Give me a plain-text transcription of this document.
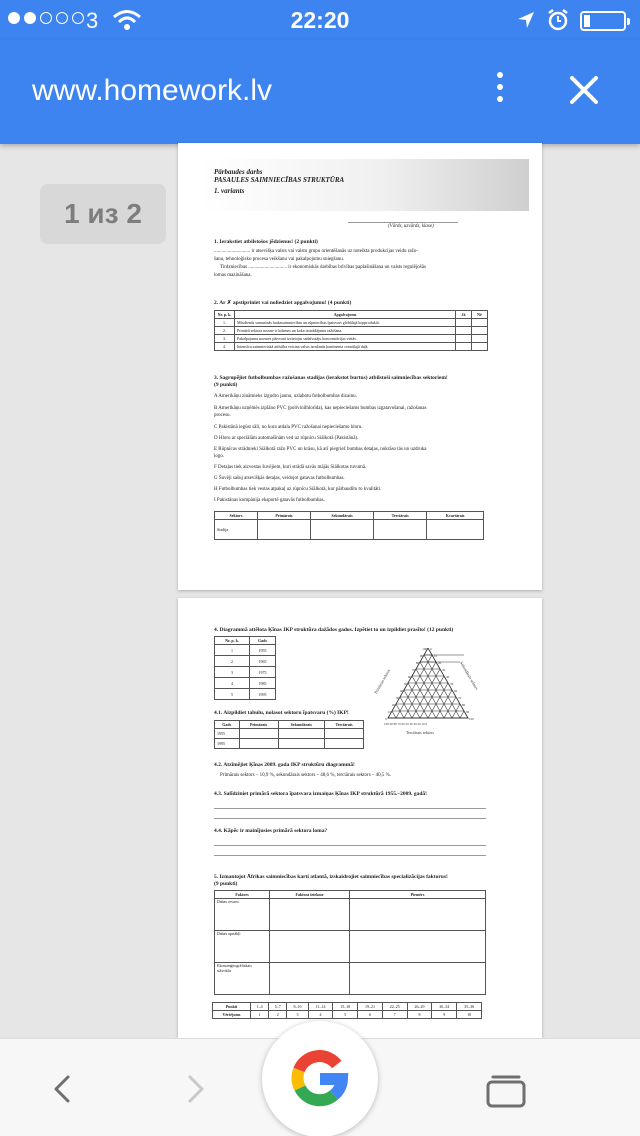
3	22:20
www.homework.lv
1 из 2
Pārbaudes darbs
PASAULES SAIMNIECĪBAS STRUKTŪRA
1. variants
(Vārds, uzvārds, klase)
1. Ierakstiet atbilstošos jēdzienus! (2 punkti)
............................. ir atsevišķa valsts vai valstu grupu orientēšanās uz noteikta produkcijas veidu ražo-
šanu, tehnoloģisko procesa veikšanu vai pakalpojumu sniegšanu.
Tirdzniecības ............................... ir ekonomiskās darbības brīvības paplašināšana un valsts regulējošās
lomas mazināšana.
2. Ar ✗ apstipriniet vai noliedziet apgalvojumu! (4 punkti)
Nr. p. k.	Apgalvojums	Jā	Nē
1.	Mūsdienās samazinās laukasaimniecības un rūpniecības īpatsvars globālajā kopproduktā.		
2.	Primārā sektora nozare ir kokmes un koka izstrādājumu ražošana.		
3.	Pakalpojumu nozares pārsvarā izvietojas sadzīvotāju koncentrācijas vietās.		
4.	Intensīva saimnieciskā attīstība veicina valsts izrašanās kontinenta centrālajā daļā.		
3. Sagrupējiet futbolbumbas ražošanas stadijas (ierakstot burtus) atbilstoši saimniecības sektoriem!
(9 punkti)
A Amerikāņu zinātnieks izgudro jaunu, uzlabotu futbolbumbas dizainu.
B Amerikāņu uzņēmēs izplāno PVC (polivinilhlorīda), kas nepieciešams bumbas izgatavošanai, ražošanas
procesu.
C Pakistānā iegūst sāli, no kura atdala PVC ražošanai nepieciešamo hloru.
D Hloru ar speciālām automašīnām ved uz rūpnīcu Siālkotā (Pakistānā).
E Rūpnīcas strādnieki Siālkotā ražo PVC un krāsu, kā arī piegriež bumbas detaļas, nokrāso tās un uzdruka
logo.
F Detaļas tiek aizvestas šuvējiem, kuri strādā savās mājās Siālkotas tuvumā.
G Šuvēji sašuj atsevišķās detaļas, veidojot gatavas futbolbumbas.
H Futbolbumbas tiek vestas atpakaļ uz rūpnīcu Siālkotā, kur pārbaudītu to kvalitāti.
I Pakistānas kompānija eksportē gatavās futbolbumbas.
Sektors	Primārais	Sekundārais	Terciārais	Kvartārais
Stadija				
4. Diagrammā attēlota Ķīnas IKP struktūra dažādos gados. Izpētiet to un izpildiet prasīto! (12 punkti)
Nr. p. k.	Gads
1	1955
2	1965
3	1975
4	1985
5	1995	Primārais sektors	Sekundārais sektors
Terciārais sektors
100 90 80 70 60 50 40 30 20 10 0
100
90
80
70
60
50
40
30
20
10
0
0
10
20
30
40
50
60
70
80
90
100
4.1. Aizpildiet tabulu, nolasot sektoru īpatsvaru (%) IKP!
Gads	Primārais	Sekundārais	Terciārais
1955			
1995			
4.2. Atzīmējiet Ķīnas 2009. gada IKP struktūru diagrammā!
Primārais sektors – 10,9 %, sekundārais sektors – 48,6 %, terciārais sektors – 40,5 %.
4.3. Salīdziniet primārā sektora īpatsvara izmaiņas Ķīnas IKP struktūrā 1955.–2009. gadā!
4.4. Kāpēc ir mainījusies primārā sektora loma?
5. Izmantojot Āfrikas saimniecības karti atlantā, izskaidrojiet saimniecības specializācijas faktorus!
(9 punkti)
Faktors	Faktora ietekme	Piemērs
Dabas resursi		
Dabas apstākļi		
Ekonomģeogrāfiskais stāvoklis		
Punkti	1–4	5–7	8–10	11–14	15–18	19–21	22–25	26–29	30–34	35–36
Vērtējums	1	2	3	4	5	6	7	8	9	10
